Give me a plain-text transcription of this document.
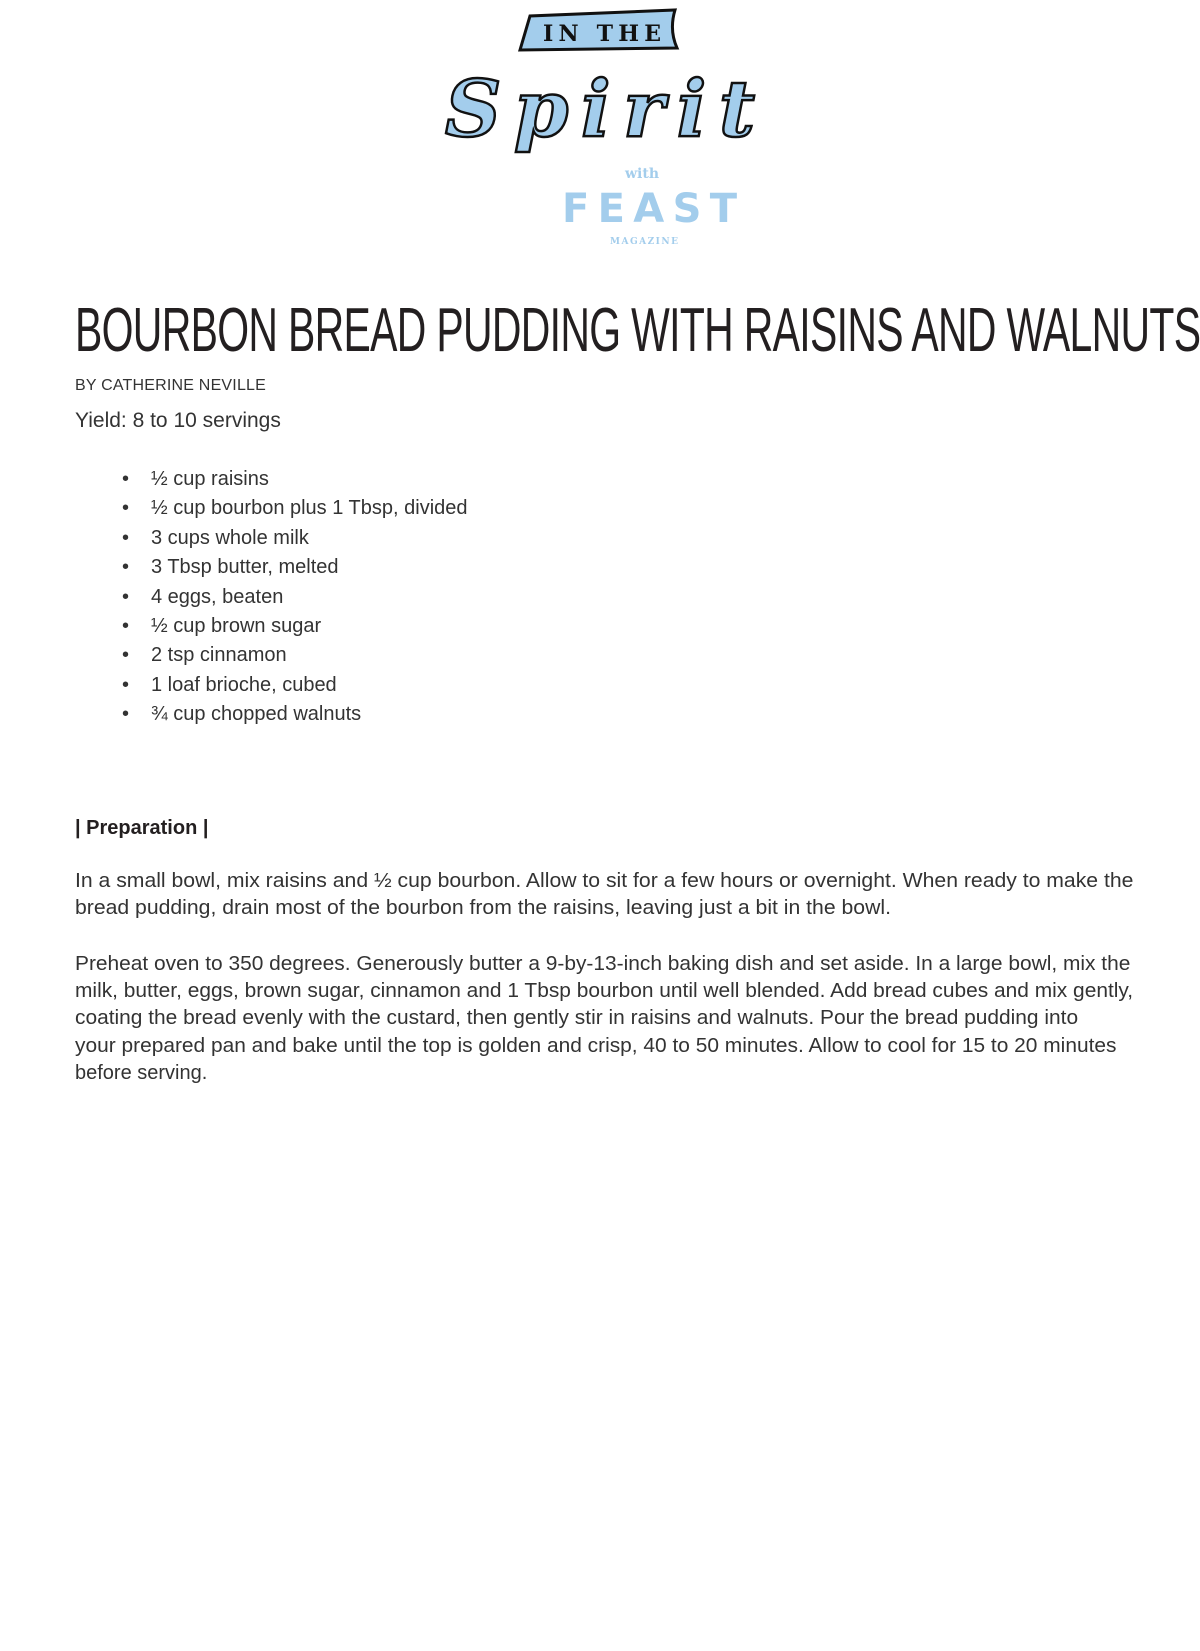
IN THE
Spirit
with
FEAST
MAGAZINE
BOURBON BREAD PUDDING WITH RAISINS AND WALNUTS
BY CATHERINE NEVILLE
Yield: 8 to 10 servings
• ½ cup raisins
• ½ cup bourbon plus 1 Tbsp, divided
• 3 cups whole milk
• 3 Tbsp butter, melted
• 4 eggs, beaten
• ½ cup brown sugar
• 2 tsp cinnamon
• 1 loaf brioche, cubed
• ¾ cup chopped walnuts
| Preparation |
In a small bowl, mix raisins and ½ cup bourbon. Allow to sit for a few hours or overnight. When ready to make the
bread pudding, drain most of the bourbon from the raisins, leaving just a bit in the bowl.
Preheat oven to 350 degrees. Generously butter a 9-by-13-inch baking dish and set aside. In a large bowl, mix the
milk, butter, eggs, brown sugar, cinnamon and 1 Tbsp bourbon until well blended. Add bread cubes and mix gently,
coating the bread evenly with the custard, then gently stir in raisins and walnuts. Pour the bread pudding into
your prepared pan and bake until the top is golden and crisp, 40 to 50 minutes. Allow to cool for 15 to 20 minutes
before serving.
